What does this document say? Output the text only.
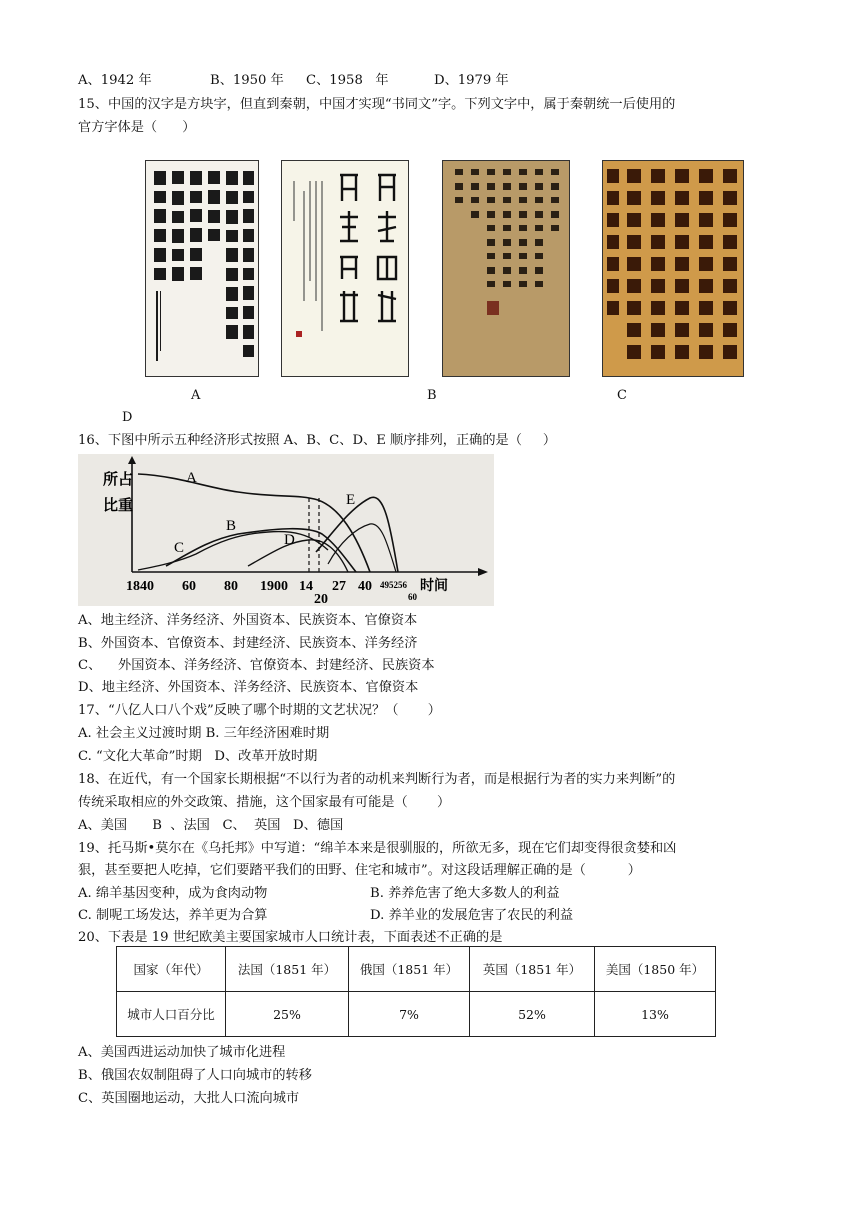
A、1942 年	B、1950 年 C、1958   年	D、1979 年
15、中国的汉字是方块字，但直到秦朝，中国才实现“书同文”字。下列文字中，属于秦朝统一后使用的
官方字体是（      ）
A	B	C
D
16、下图中所示五种经济形式按照 A、B、C、D、E 顺序排列，正确的是（     ）
所占比重
A
B
C	D
E
1840 60 80 1900 14
20
27 40 495256
60
时间
A、地主经济、洋务经济、外国资本、民族资本、官僚资本
B、外国资本、官僚资本、封建经济、民族资本、洋务经济
C、    外国资本、洋务经济、官僚资本、封建经济、民族资本
D、地主经济、外国资本、洋务经济、民族资本、官僚资本
17、“八亿人口八个戏”反映了哪个时期的文艺状况？（       ）
A. 社会主义过渡时期 B. 三年经济困难时期
C. “文化大革命”时期   D、改革开放时期
18、在近代，有一个国家长期根据“不以行为者的动机来判断行为者，而是根据行为者的实力来判断”的
传统采取相应的外交政策、措施，这个国家最有可能是（       ）
A、美国      B  、法国   C、  英国   D、德国
19、托马斯•莫尔在《乌托邦》中写道：“绵羊本来是很驯服的，所欲无多，现在它们却变得很贪婪和凶
狠，甚至要把人吃掉，它们要踏平我们的田野、住宅和城市”。对这段话理解正确的是（          ）
A. 绵羊基因变种，成为食肉动物	B. 养养危害了绝大多数人的利益
C. 制呢工场发达，养羊更为合算	D. 养羊业的发展危害了农民的利益
20、下表是 19 世纪欧美主要国家城市人口统计表，下面表述不正确的是
国家（年代）	法国（1851 年）	俄国（1851 年）	英国（1851 年）	美国（1850 年）
城市人口百分比	25%	7%	52%	13%
A、美国西进运动加快了城市化进程
B、俄国农奴制阻碍了人口向城市的转移
C、英国圈地运动，大批人口流向城市
